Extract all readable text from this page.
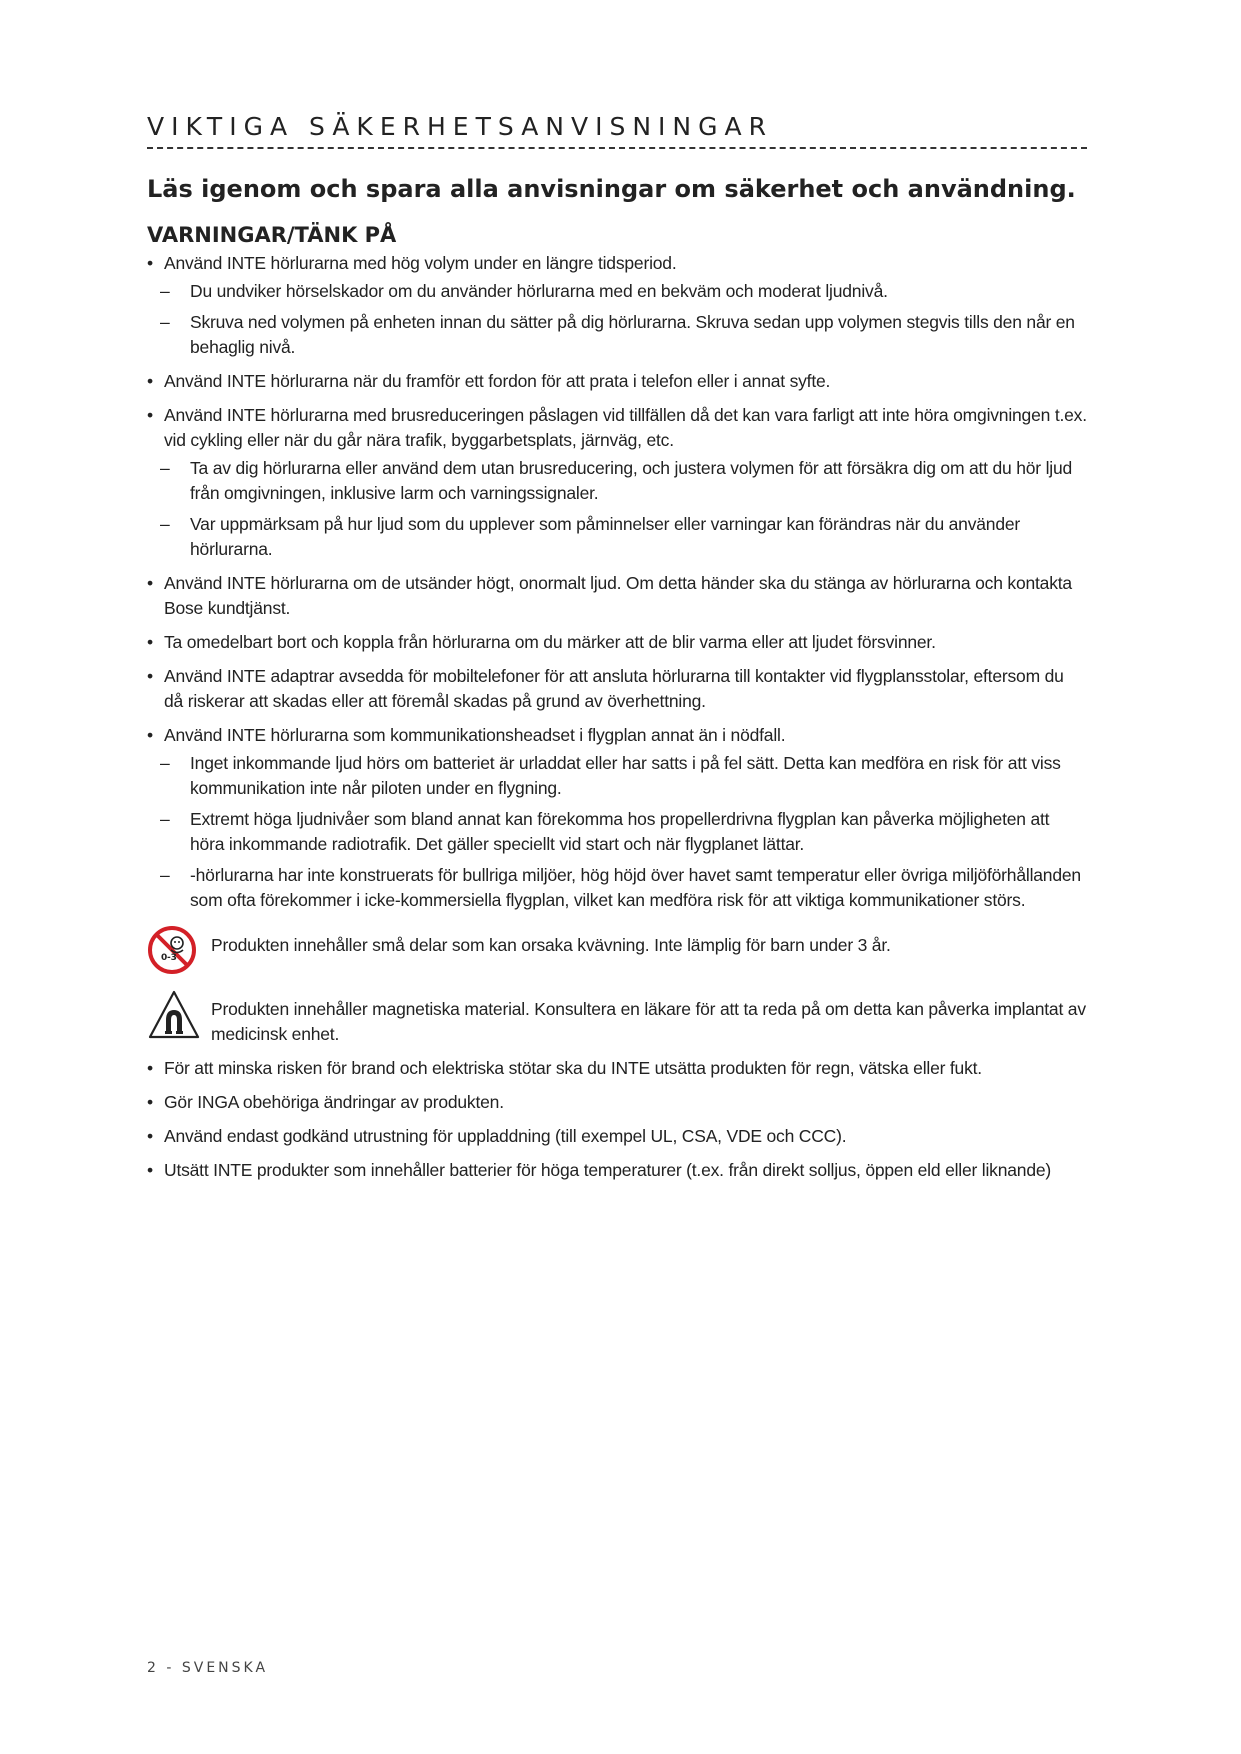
VIKTIGA SÄKERHETSANVISNINGAR
Läs igenom och spara alla anvisningar om säkerhet och användning.
VARNINGAR/TÄNK PÅ
• Använd INTE hörlurarna med hög volym under en längre tidsperiod.
– Du undviker hörselskador om du använder hörlurarna med en bekväm och moderat ljudnivå.
– Skruva ned volymen på enheten innan du sätter på dig hörlurarna. Skruva sedan upp volymen stegvis tills den når en behaglig nivå.
• Använd INTE hörlurarna när du framför ett fordon för att prata i telefon eller i annat syfte.
• Använd INTE hörlurarna med brusreduceringen påslagen vid tillfällen då det kan vara farligt att inte höra omgivningen t.ex. vid cykling eller när du går nära trafik, byggarbetsplats, järnväg, etc.
– Ta av dig hörlurarna eller använd dem utan brusreducering, och justera volymen för att försäkra dig om att du hör ljud från omgivningen, inklusive larm och varningssignaler.
– Var uppmärksam på hur ljud som du upplever som påminnelser eller varningar kan förändras när du använder hörlurarna.
• Använd INTE hörlurarna om de utsänder högt, onormalt ljud. Om detta händer ska du stänga av hörlurarna och kontakta Bose kundtjänst.
• Ta omedelbart bort och koppla från hörlurarna om du märker att de blir varma eller att ljudet försvinner.
• Använd INTE adaptrar avsedda för mobiltelefoner för att ansluta hörlurarna till kontakter vid flygplansstolar, eftersom du då riskerar att skadas eller att föremål skadas på grund av överhettning.
• Använd INTE hörlurarna som kommunikationsheadset i flygplan annat än i nödfall.
– Inget inkommande ljud hörs om batteriet är urladdat eller har satts i på fel sätt. Detta kan medföra en risk för att viss kommunikation inte når piloten under en flygning.
– Extremt höga ljudnivåer som bland annat kan förekomma hos propellerdrivna flygplan kan påverka möjligheten att höra inkommande radiotrafik. Det gäller speciellt vid start och när flygplanet lättar.
– -hörlurarna har inte konstruerats för bullriga miljöer, hög höjd över havet samt temperatur eller övriga miljöförhållanden som ofta förekommer i icke-kommersiella flygplan, vilket kan medföra risk för att viktiga kommunikationer störs.
0-3
Produkten innehåller små delar som kan orsaka kvävning. Inte lämplig för barn under 3 år.
Produkten innehåller magnetiska material. Konsultera en läkare för att ta reda på om detta kan påverka implantat av medicinsk enhet.
• För att minska risken för brand och elektriska stötar ska du INTE utsätta produkten för regn, vätska eller fukt.
• Gör INGA obehöriga ändringar av produkten.
• Använd endast godkänd utrustning för uppladdning (till exempel UL, CSA, VDE och CCC).
• Utsätt INTE produkter som innehåller batterier för höga temperaturer (t.ex. från direkt solljus, öppen eld eller liknande)
2 - SVENSKA
